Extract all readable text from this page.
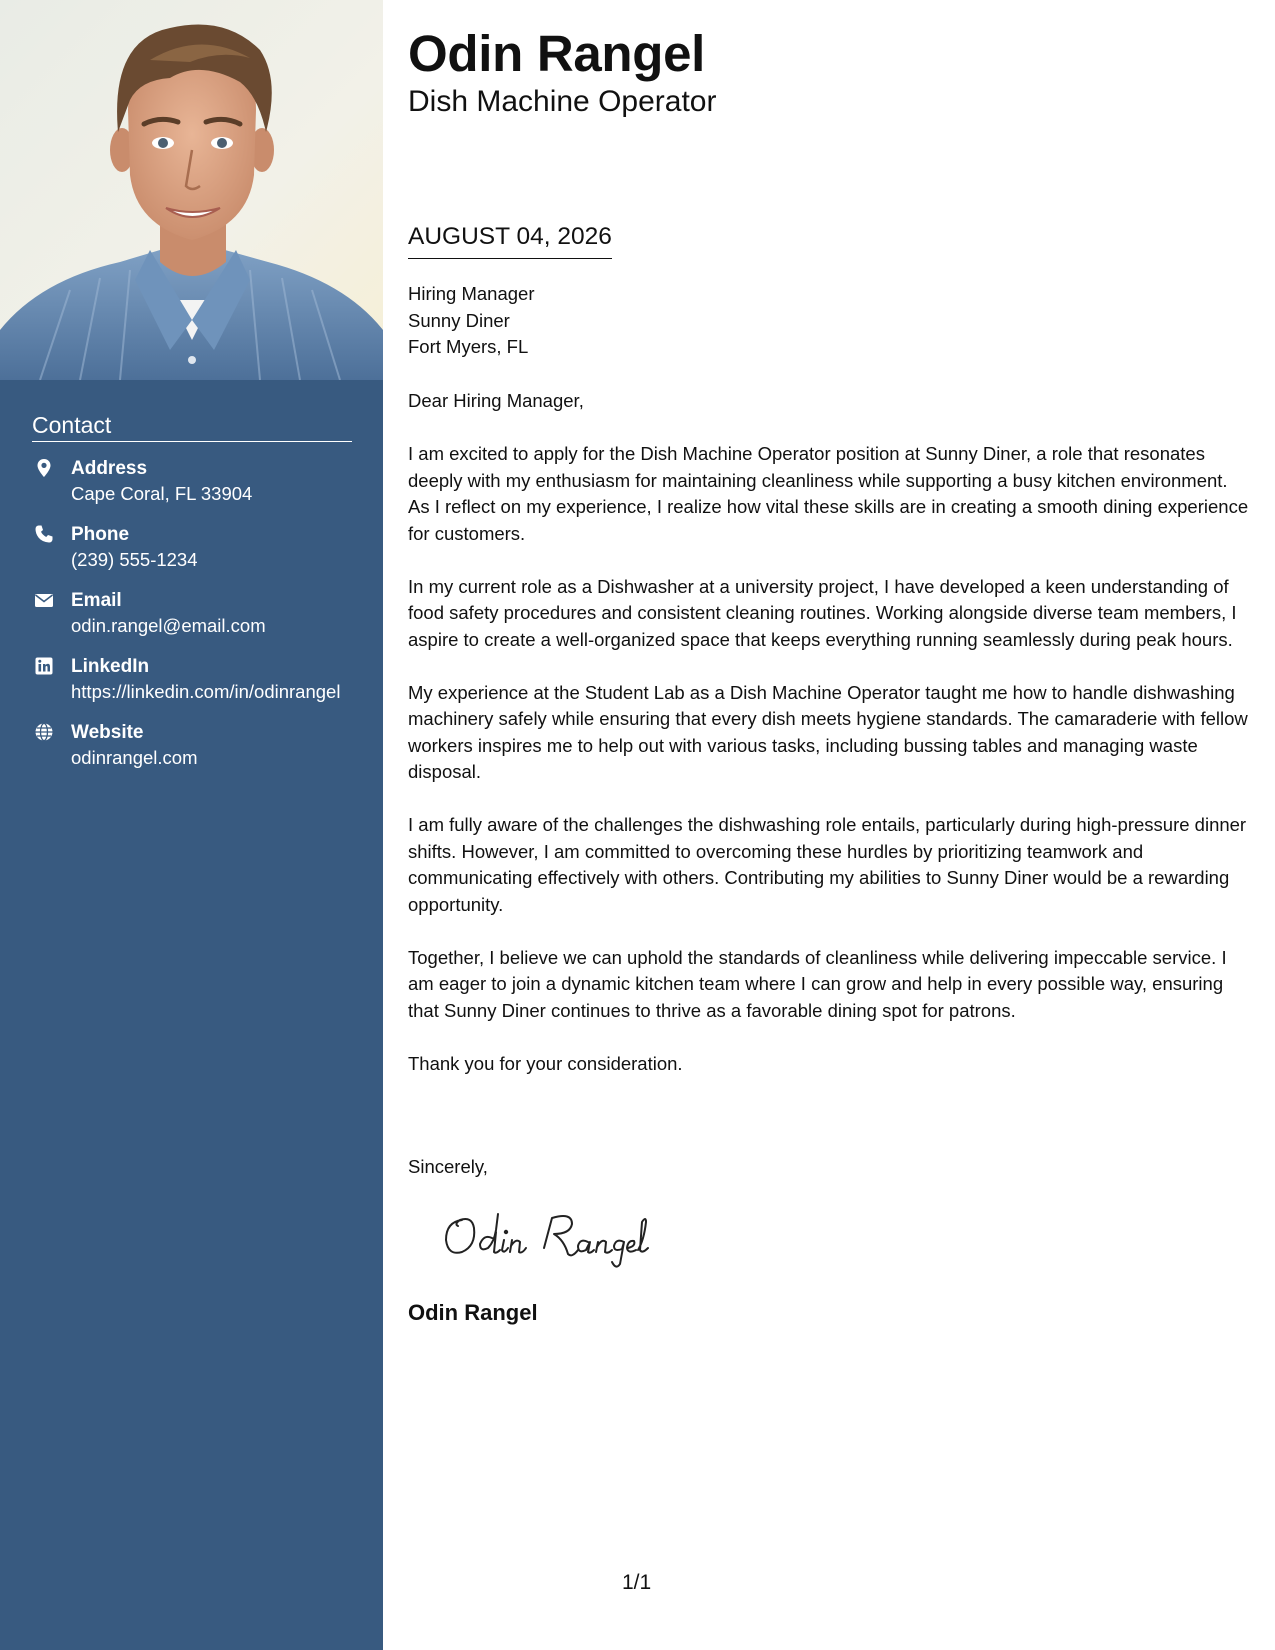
Contact
Address
Cape Coral, FL 33904
Phone
(239) 555-1234
Email
odin.rangel@email.com
LinkedIn
https://linkedin.com/in/odinrangel
Website
odinrangel.com
Odin Rangel
Dish Machine Operator
AUGUST 04, 2026
Hiring Manager
Sunny Diner
Fort Myers, FL

Dear Hiring Manager,

I am excited to apply for the Dish Machine Operator position at Sunny Diner, a role that resonates deeply with my enthusiasm for maintaining cleanliness while supporting a busy kitchen environment. As I reflect on my experience, I realize how vital these skills are in creating a smooth dining experience for customers.

In my current role as a Dishwasher at a university project, I have developed a keen understanding of food safety procedures and consistent cleaning routines. Working alongside diverse team members, I aspire to create a well-organized space that keeps everything running seamlessly during peak hours.

My experience at the Student Lab as a Dish Machine Operator taught me how to handle dishwashing machinery safely while ensuring that every dish meets hygiene standards. The camaraderie with fellow workers inspires me to help out with various tasks, including bussing tables and managing waste disposal.

I am fully aware of the challenges the dishwashing role entails, particularly during high-pressure dinner shifts. However, I am committed to overcoming these hurdles by prioritizing teamwork and communicating effectively with others. Contributing my abilities to Sunny Diner would be a rewarding opportunity.

Together, I believe we can uphold the standards of cleanliness while delivering impeccable service. I am eager to join a dynamic kitchen team where I can grow and help in every possible way, ensuring that Sunny Diner continues to thrive as a favorable dining spot for patrons.

Thank you for your consideration.

Sincerely,
Odin Rangel
1/1
